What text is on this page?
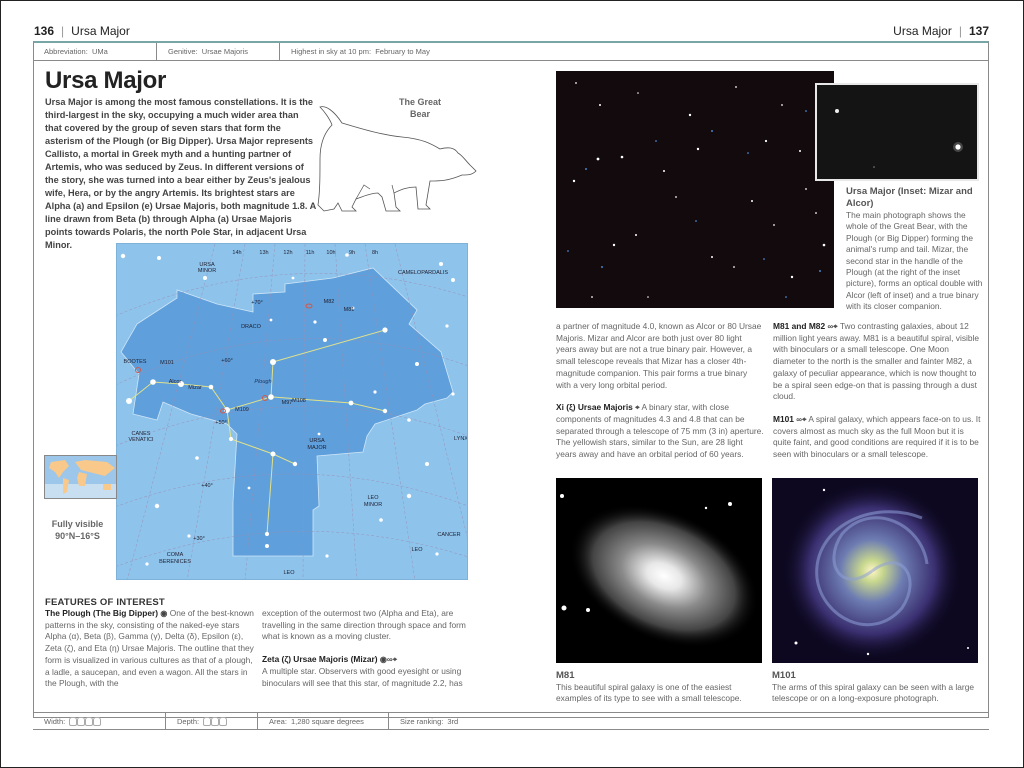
136 | Ursa Major	Ursa Major | 137
Abbreviation: UMa	Genitive: Ursae Majoris	Highest in sky at 10 pm: February to May
Ursa Major

Ursa Major is among the most famous constellations. It is the third-largest in the sky, occupying a much wider area than that covered by the group of seven stars that form the asterism of the Plough (or Big Dipper). Ursa Major represents Callisto, a mortal in Greek myth and a hunting partner of Artemis, who was seduced by Zeus. In different versions of the story, she was turned into a bear either by Zeus's jealous wife, Hera, or by the angry Artemis. Its brightest stars are Alpha (a) and Epsilon (e) Ursae Majoris, both magnitude 1.8. A line drawn from Beta (b) through Alpha (a) Ursae Majoris points towards Polaris, the north Pole Star, in adjacent Ursa Minor.

The Great Bear
14h	13h	12h 11h 10h 9h	8h
URSA
MINOR	CAMELOPARDALIS
DRACO
BOOTES
CANES
VENATICI	URSA
MAJOR
LYNX
LEO
MINOR
CANCER
LEO
COMA
BERENICES
LEO
Plough
+70°
+60°
+50°
+40°
+30°
M82
M81
M101
M108
M97
M109
Alcor
Mizar
Fully visible
90°N–16°S
FEATURES OF INTEREST
The Plough (The Big Dipper) ◉ One of the best-known patterns in the sky, consisting of the naked-eye stars Alpha (α), Beta (β), Gamma (γ), Delta (δ), Epsilon (ε), Zeta (ζ), and Eta (η) Ursae Majoris. The outline that they form is visualized in various cultures as that of a plough, a ladle, a saucepan, and even a wagon. All the stars in the Plough, with the
exception of the outermost two (Alpha and Eta), are travelling in the same direction through space and form what is known as a moving cluster.
Zeta (ζ) Ursae Majoris (Mizar) ◉∞⌖
A multiple star. Observers with good eyesight or using binoculars will see that this star, of magnitude 2.2, has
a partner of magnitude 4.0, known as Alcor or 80 Ursae Majoris. Mizar and Alcor are both just over 80 light years away but are not a true binary pair. However, a small telescope reveals that Mizar has a closer 4th-magnitude companion. This pair forms a true binary with a very long orbital period.
Xi (ξ) Ursae Majoris ⌖ A binary star, with close components of magnitudes 4.3 and 4.8 that can be separated through a telescope of 75 mm (3 in) aperture. The yellowish stars, similar to the Sun, are 28 light years away and have an orbital period of 60 years.
M81 and M82 ∞⌖ Two contrasting galaxies, about 12 million light years away. M81 is a beautiful spiral, visible with binoculars or a small telescope. One Moon diameter to the north is the smaller and fainter M82, a galaxy of peculiar appearance, which is now thought to be a spiral seen edge-on that is passing through a dust cloud.
M101 ∞⌖ A spiral galaxy, which appears face-on to us. It covers almost as much sky as the full Moon but it is quite faint, and good conditions are required if it is to be seen with binoculars or a small telescope.
Ursa Major (Inset: Mizar and Alcor)

The main photograph shows the whole of the Great Bear, with the Plough (or Big Dipper) forming the animal's rump and tail. Mizar, the second star in the handle of the Plough (at the right of the inset picture), forms an optical double with Alcor (left of inset) and a true binary with its closer companion.

M81
This beautiful spiral galaxy is one of the easiest examples of its type to see with a small telescope.
M101
The arms of this spiral galaxy can be seen with a large telescope or on a long-exposure photograph.
Width:	Depth:	Area: 1,280 square degrees	Size ranking: 3rd
